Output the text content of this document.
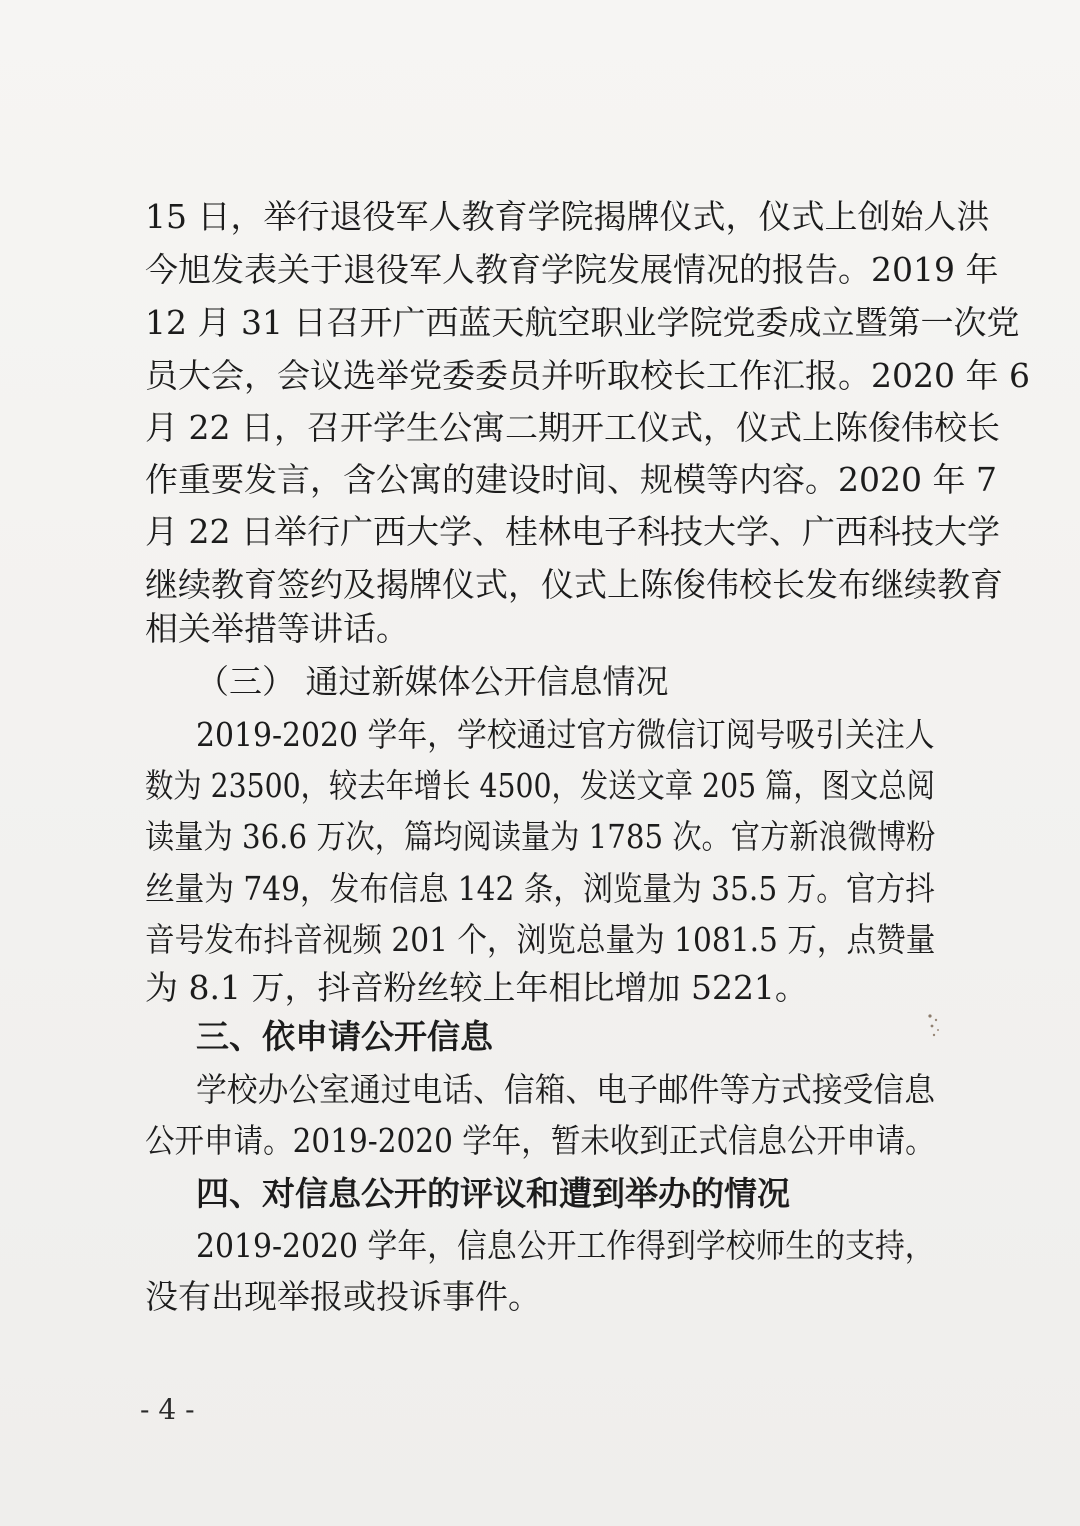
15 日，举行退役军人教育学院揭牌仪式，仪式上创始人洪
今旭发表关于退役军人教育学院发展情况的报告。2019 年
12 月 31 日召开广西蓝天航空职业学院党委成立暨第一次党
员大会，会议选举党委委员并听取校长工作汇报。2020 年 6
月 22 日，召开学生公寓二期开工仪式，仪式上陈俊伟校长
作重要发言，含公寓的建设时间、规模等内容。2020 年 7
月 22 日举行广西大学、桂林电子科技大学、广西科技大学
继续教育签约及揭牌仪式，仪式上陈俊伟校长发布继续教育
相关举措等讲话。
（三） 通过新媒体公开信息情况
2019-2020 学年，学校通过官方微信订阅号吸引关注人
数为 23500，较去年增长 4500，发送文章 205 篇，图文总阅
读量为 36.6 万次，篇均阅读量为 1785 次。官方新浪微博粉
丝量为 749，发布信息 142 条，浏览量为 35.5 万。官方抖
音号发布抖音视频 201 个，浏览总量为 1081.5 万，点赞量
为 8.1 万，抖音粉丝较上年相比增加 5221。
三、依申请公开信息
学校办公室通过电话、信箱、电子邮件等方式接受信息
公开申请。2019-2020 学年，暂未收到正式信息公开申请。
四、对信息公开的评议和遭到举办的情况
2019-2020 学年，信息公开工作得到学校师生的支持，
没有出现举报或投诉事件。
- 4 -
